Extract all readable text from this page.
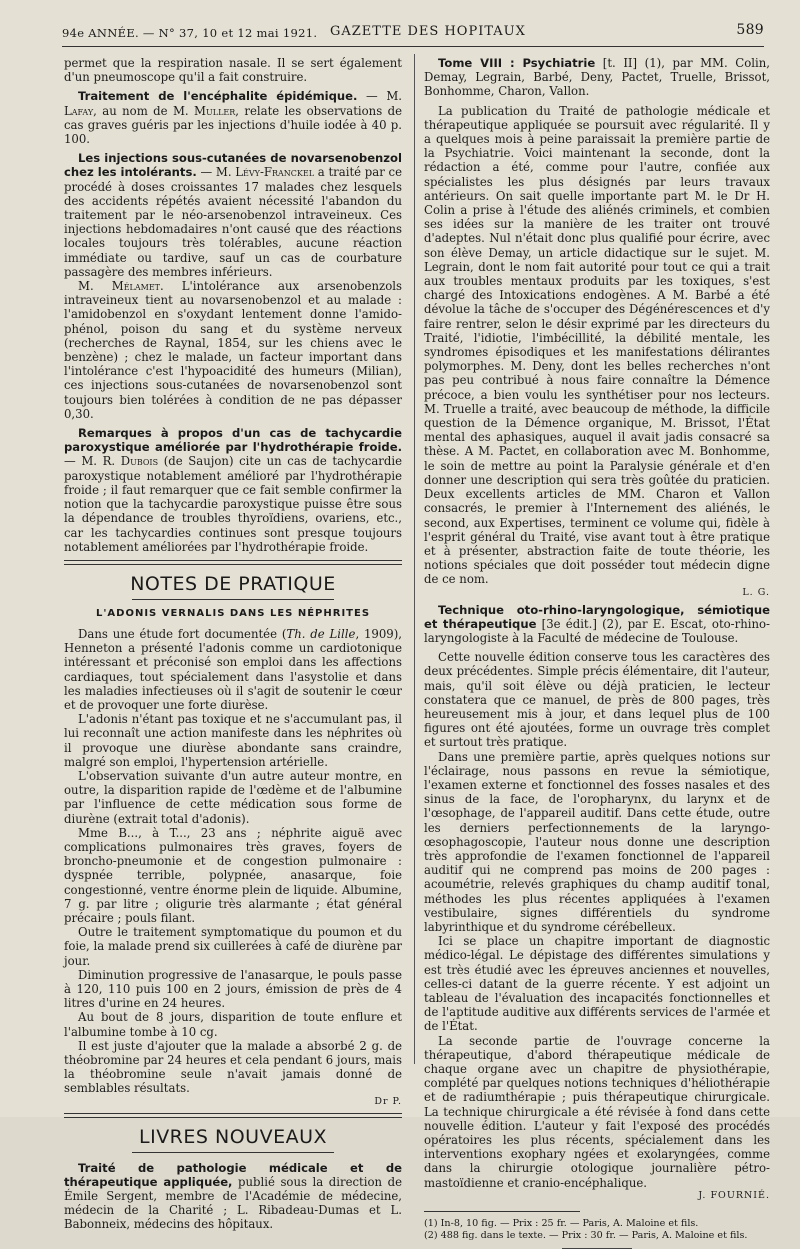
94e ANNÉE. — N° 37, 10 et 12 mai 1921. GAZETTE DES HOPITAUX	589

permet que la respiration nasale. Il se sert également d'un pneumoscope qu'il a fait construire.

Traitement de l'encéphalite épidémique. — M. Lafay, au nom de M. Muller, relate les observations de cas graves guéris par les injections d'huile iodée à 40 p. 100.

Les injections sous-cutanées de novarsenobenzol chez les intolérants. — M. Lévy-Franckel a traité par ce procédé à doses croissantes 17 malades chez lesquels des accidents répétés avaient nécessité l'abandon du traitement par le néo-arsenobenzol intraveineux. Ces injections hebdomadaires n'ont causé que des réactions locales toujours très tolérables, aucune réaction immédiate ou tardive, sauf un cas de courbature passagère des membres inférieurs.

M. Mélamet. L'intolérance aux arsenobenzols intraveineux tient au novarsenobenzol et au malade : l'amidobenzol en s'oxydant lentement donne l'amido-phénol, poison du sang et du système nerveux (recherches de Raynal, 1854, sur les chiens avec le benzène) ; chez le malade, un facteur important dans l'intolérance c'est l'hypoacidité des humeurs (Milian), ces injections sous-cutanées de novarsenobenzol sont toujours bien tolérées à condition de ne pas dépasser 0,30.

Remarques à propos d'un cas de tachycardie paroxystique améliorée par l'hydrothérapie froide. — M. R. Dubois (de Saujon) cite un cas de tachycardie paroxystique notablement amélioré par l'hydrothérapie froide ; il faut remarquer que ce fait semble confirmer la notion que la tachycardie paroxystique puisse être sous la dépendance de troubles thyroïdiens, ovariens, etc., car les tachycardies continues sont presque toujours notablement améliorées par l'hydrothérapie froide.

NOTES DE PRATIQUE
L'ADONIS VERNALIS DANS LES NÉPHRITES

Dans une étude fort documentée (Th. de Lille, 1909), Henneton a présenté l'adonis comme un cardiotonique intéressant et préconisé son emploi dans les affections cardiaques, tout spécialement dans l'asystolie et dans les maladies infectieuses où il s'agit de soutenir le cœur et de provoquer une forte diurèse.

L'adonis n'étant pas toxique et ne s'accumulant pas, il lui reconnaît une action manifeste dans les néphrites où il provoque une diurèse abondante sans craindre, malgré son emploi, l'hypertension artérielle.

L'observation suivante d'un autre auteur montre, en outre, la disparition rapide de l'œdème et de l'albumine par l'influence de cette médication sous forme de diurène (extrait total d'adonis).

Mme B..., à T..., 23 ans ; néphrite aiguë avec complications pulmonaires très graves, foyers de broncho-pneumonie et de congestion pulmonaire : dyspnée terrible, polypnée, anasarque, foie congestionné, ventre énorme plein de liquide. Albumine, 7 g. par litre ; oligurie très alarmante ; état général précaire ; pouls filant.

Outre le traitement symptomatique du poumon et du foie, la malade prend six cuillerées à café de diurène par jour.

Diminution progressive de l'anasarque, le pouls passe à 120, 110 puis 100 en 2 jours, émission de près de 4 litres d'urine en 24 heures.

Au bout de 8 jours, disparition de toute enflure et l'albumine tombe à 10 cg.

Il est juste d'ajouter que la malade a absorbé 2 g. de théobromine par 24 heures et cela pendant 6 jours, mais la théobromine seule n'avait jamais donné de semblables résultats.

Dr P.
LIVRES NOUVEAUX

Traité de pathologie médicale et de thérapeutique appliquée, publié sous la direction de Émile Sergent, membre de l'Académie de médecine, médecin de la Charité ; L. Ribadeau-Dumas et L. Babonneix, médecins des hôpitaux.

Tome VIII : Psychiatrie [t. II] (1), par MM. Colin, Demay, Legrain, Barbé, Deny, Pactet, Truelle, Brissot, Bonhomme, Charon, Vallon.

La publication du Traité de pathologie médicale et thérapeutique appliquée se poursuit avec régularité. Il y a quelques mois à peine paraissait la première partie de la Psychiatrie. Voici maintenant la seconde, dont la rédaction a été, comme pour l'autre, confiée aux spécialistes les plus désignés par leurs travaux antérieurs. On sait quelle importante part M. le Dr H. Colin a prise à l'étude des aliénés criminels, et combien ses idées sur la manière de les traiter ont trouvé d'adeptes. Nul n'était donc plus qualifié pour écrire, avec son élève Demay, un article didactique sur le sujet. M. Legrain, dont le nom fait autorité pour tout ce qui a trait aux troubles mentaux produits par les toxiques, s'est chargé des Intoxications endogènes. A M. Barbé a été dévolue la tâche de s'occuper des Dégénérescences et d'y faire rentrer, selon le désir exprimé par les directeurs du Traité, l'idiotie, l'imbécillité, la débilité mentale, les syndromes épisodiques et les manifestations délirantes polymorphes. M. Deny, dont les belles recherches n'ont pas peu contribué à nous faire connaître la Démence précoce, a bien voulu les synthétiser pour nos lecteurs. M. Truelle a traité, avec beaucoup de méthode, la difficile question de la Démence organique, M. Brissot, l'État mental des aphasiques, auquel il avait jadis consacré sa thèse. A M. Pactet, en collaboration avec M. Bonhomme, le soin de mettre au point la Paralysie générale et d'en donner une description qui sera très goûtée du praticien. Deux excellents articles de MM. Charon et Vallon consacrés, le premier à l'Internement des aliénés, le second, aux Expertises, terminent ce volume qui, fidèle à l'esprit général du Traité, vise avant tout à être pratique et à présenter, abstraction faite de toute théorie, les notions spéciales que doit posséder tout médecin digne de ce nom.

L. G.

Technique oto-rhino-laryngologique, sémiotique et thérapeutique [3e édit.] (2), par E. Escat, oto-rhino-laryngologiste à la Faculté de médecine de Toulouse.

Cette nouvelle édition conserve tous les caractères des deux précédentes. Simple précis élémentaire, dit l'auteur, mais, qu'il soit élève ou déjà praticien, le lecteur constatera que ce manuel, de près de 800 pages, très heureusement mis à jour, et dans lequel plus de 100 figures ont été ajoutées, forme un ouvrage très complet et surtout très pratique.

Dans une première partie, après quelques notions sur l'éclairage, nous passons en revue la sémiotique, l'examen externe et fonctionnel des fosses nasales et des sinus de la face, de l'oropharynx, du larynx et de l'œsophage, de l'appareil auditif. Dans cette étude, outre les derniers perfectionnements de la laryngo-œsophagoscopie, l'auteur nous donne une description très approfondie de l'examen fonctionnel de l'appareil auditif qui ne comprend pas moins de 200 pages : acoumétrie, relevés graphiques du champ auditif tonal, méthodes les plus récentes appliquées à l'examen vestibulaire, signes différentiels du syndrome labyrinthique et du syndrome cérébelleux.

Ici se place un chapitre important de diagnostic médico-légal. Le dépistage des différentes simulations y est très étudié avec les épreuves anciennes et nouvelles, celles-ci datant de la guerre récente. Y est adjoint un tableau de l'évaluation des incapacités fonctionnelles et de l'aptitude auditive aux différents services de l'armée et de l'État.

La seconde partie de l'ouvrage concerne la thérapeutique, d'abord thérapeutique médicale de chaque organe avec un chapitre de physiothérapie, complété par quelques notions techniques d'héliothérapie et de radiumthérapie ; puis thérapeutique chirurgicale. La technique chirurgicale a été révisée à fond dans cette nouvelle édition. L'auteur y fait l'exposé des procédés opératoires les plus récents, spécialement dans les interventions exophary ngées et exolaryngées, comme dans la chirurgie otologique journalière pétro-mastoïdienne et cranio-encéphalique.

J. FOURNIÉ.

(1) In-8, 10 fig. — Prix : 25 fr. — Paris, A. Maloine et fils.

(2) 488 fig. dans le texte. — Prix : 30 fr. — Paris, A. Maloine et fils.
